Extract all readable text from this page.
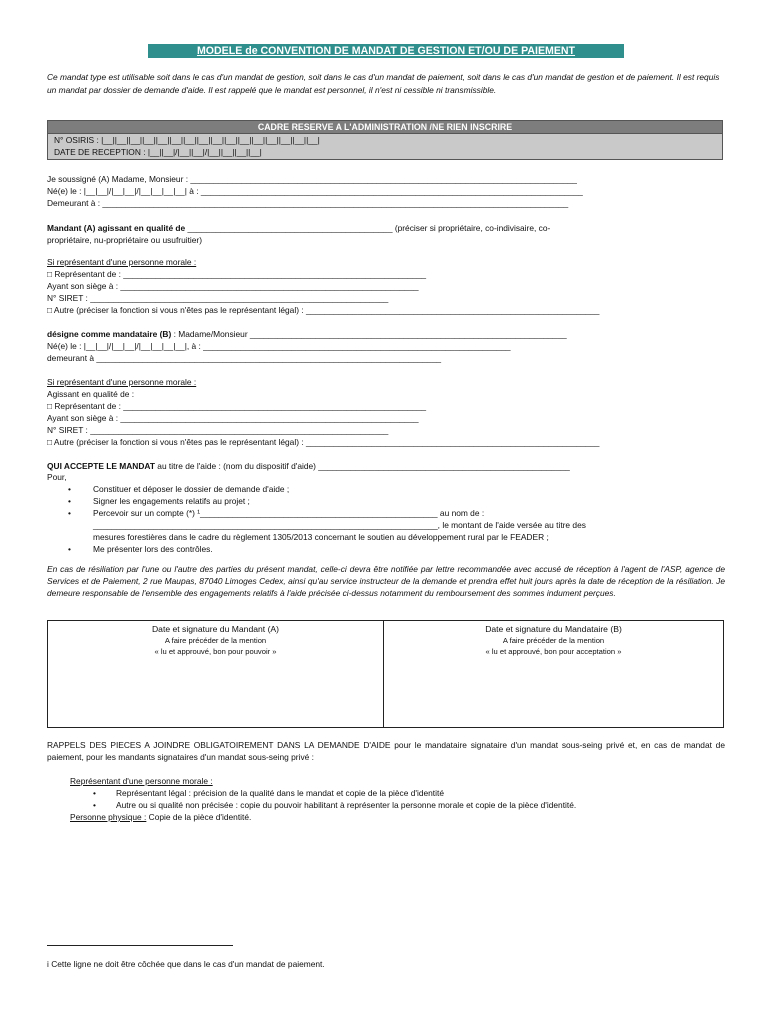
MODELE de CONVENTION DE MANDAT DE GESTION ET/OU DE PAIEMENT
Ce mandat type est utilisable soit dans le cas d'un mandat de gestion, soit dans le cas d'un mandat de paiement, soit dans le cas d'un mandat de gestion et de paiement. Il est requis un mandat par dossier de demande d'aide. Il est rappelé que le mandat est personnel, il n'est ni cessible ni transmissible.
CADRE RESERVE A L'ADMINISTRATION /NE RIEN INSCRIRE
N° OSIRIS : |__||__||__||__||__||__||__||__||__||__||__||__||__||__||__||__|
DATE DE RECEPTION : |__||__|/|__||__|/|__||__||__||__|
Je soussigné (A) Madame, Monsieur : ___________________________________________________________________________________
Né(e) le : |__|__|/|__|__|/|__|__|__|__| à : __________________________________________________________________________________
Demeurant à : ____________________________________________________________________________________________________
Mandant (A) agissant en qualité de ____________________________________________ (préciser si propriétaire, co-indivisaire, co-
propriétaire, nu-propriétaire ou usufruitier)
Si représentant d'une personne morale :
□ Représentant de : _________________________________________________________________
Ayant son siège à : ________________________________________________________________
N° SIRET : ________________________________________________________________
□ Autre (préciser la fonction si vous n'êtes pas le représentant légal) : _______________________________________________________________
désigne comme mandataire (B) : Madame/Monsieur ____________________________________________________________________
Né(e) le : |__|__|/|__|__|/|__|__|__|__|, à : __________________________________________________________________
demeurant à __________________________________________________________________________
Si représentant d'une personne morale :
Agissant en qualité de :
□ Représentant de : _________________________________________________________________
Ayant son siège à : ________________________________________________________________
N° SIRET : ________________________________________________________________
□ Autre (préciser la fonction si vous n'êtes pas le représentant légal) : _______________________________________________________________
QUI ACCEPTE LE MANDAT au titre de l'aide : (nom du dispositif d'aide) ______________________________________________________
Pour,
•	Constituer et déposer le dossier de demande d'aide ;
•	Signer les engagements relatifs au projet ;
•	Percevoir sur un compte (*) ¹___________________________________________________ au nom de :
__________________________________________________________________________, le montant de l'aide versée au titre des
mesures forestières dans le cadre du règlement 1305/2013 concernant le soutien au développement rural par le FEADER ;
•	Me présenter lors des contrôles.
En cas de résiliation par l'une ou l'autre des parties du présent mandat, celle-ci devra être notifiée par lettre recommandée avec accusé de réception à l'agent de l'ASP, agence de Services et de Paiement, 2 rue Maupas, 87040 Limoges Cedex, ainsi qu'au service instructeur de la demande et prendra effet huit jours après la date de réception de la résiliation. Je demeure responsable de l'ensemble des engagements relatifs à l'aide précisée ci-dessus notamment du remboursement des sommes indument perçues.
Date et signature du Mandant (A)
A faire précéder de la mention
« lu et approuvé, bon pour pouvoir »
Date et signature du Mandataire (B)
A faire précéder de la mention
« lu et approuvé, bon pour acceptation »
RAPPELS DES PIECES A JOINDRE OBLIGATOIREMENT DANS LA DEMANDE D'AIDE pour le mandataire signataire d'un mandat sous-seing privé et, en cas de mandat de paiement, pour les mandants signataires d'un mandat sous-seing privé :
Représentant d'une personne morale :
• Représentant légal : précision de la qualité dans le mandat et copie de la pièce d'identité
• Autre ou si qualité non précisée : copie du pouvoir habilitant à représenter la personne morale et copie de la pièce d'identité.
Personne physique : Copie de la pièce d'identité.
i Cette ligne ne doit être côchée que dans le cas d'un mandat de paiement.
